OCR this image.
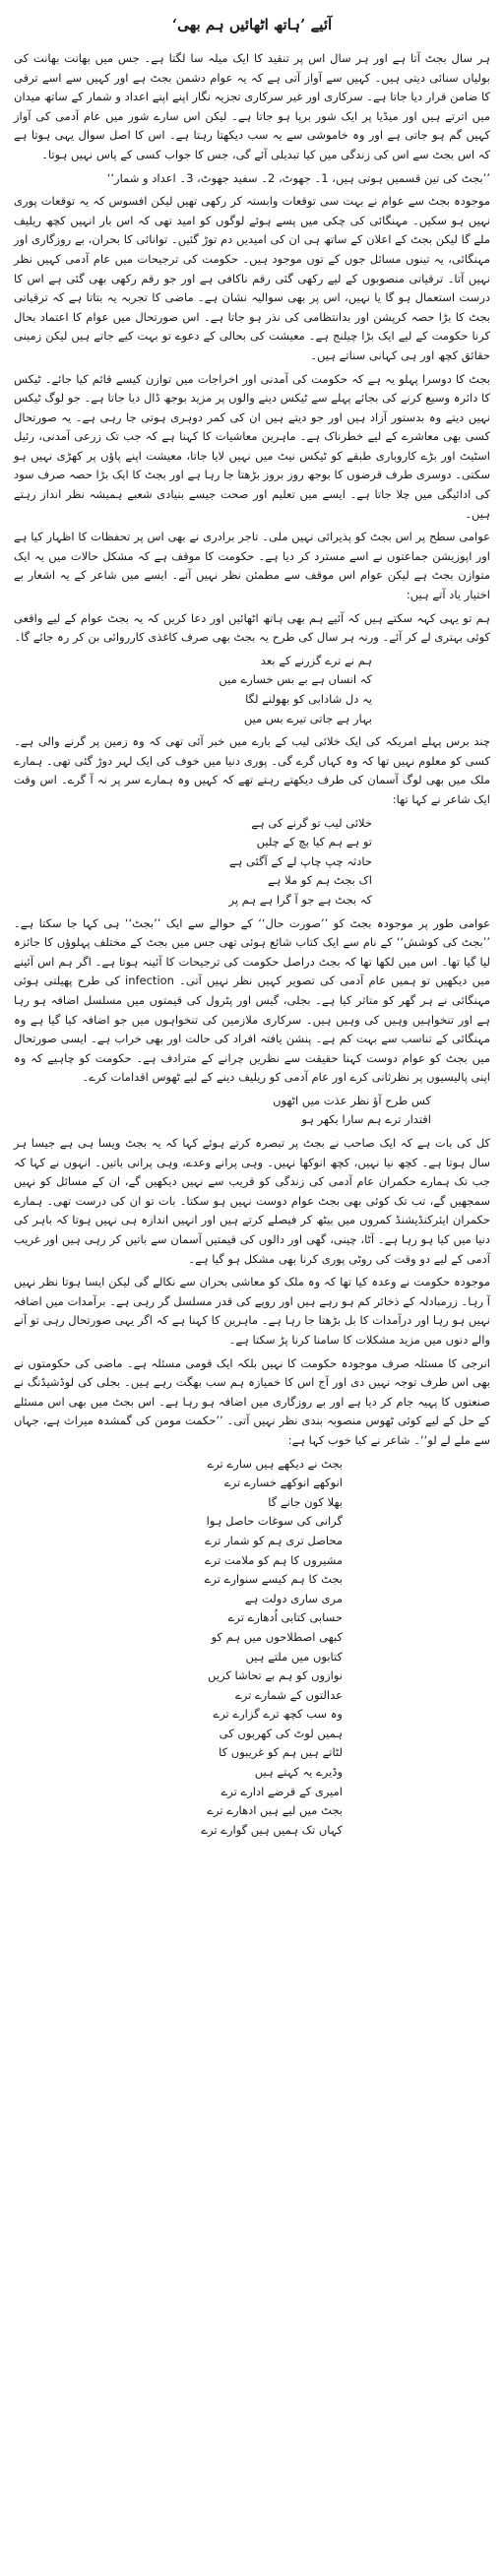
آئیے ’ہاتھ اٹھائیں ہم بھی‘

ہر سال بجٹ آتا ہے اور ہر سال اس پر تنقید کا ایک میلہ سا لگتا ہے۔ جس میں بھانت بھانت کی بولیاں سنائی دیتی ہیں۔ کہیں سے آواز آتی ہے کہ یہ عوام دشمن بجٹ ہے اور کہیں سے اسے ترقی کا ضامن قرار دیا جاتا ہے۔ سرکاری اور غیر سرکاری تجزیہ نگار اپنے اپنے اعداد و شمار کے ساتھ میدان میں اترتے ہیں اور میڈیا پر ایک شور برپا ہو جاتا ہے۔ لیکن اس سارے شور میں عام آدمی کی آواز کہیں گم ہو جاتی ہے اور وہ خاموشی سے یہ سب دیکھتا رہتا ہے۔ اس کا اصل سوال یہی ہوتا ہے کہ اس بجٹ سے اس کی زندگی میں کیا تبدیلی آئے گی، جس کا جواب کسی کے پاس نہیں ہوتا۔

’’بجٹ کی تین قسمیں ہوتی ہیں، 1۔ جھوٹ، 2۔ سفید جھوٹ، 3۔ اعداد و شمار‘‘

موجودہ بجٹ سے عوام نے بہت سی توقعات وابستہ کر رکھی تھیں لیکن افسوس کہ یہ توقعات پوری نہیں ہو سکیں۔ مہنگائی کی چکی میں پسے ہوئے لوگوں کو امید تھی کہ اس بار انہیں کچھ ریلیف ملے گا لیکن بجٹ کے اعلان کے ساتھ ہی ان کی امیدیں دم توڑ گئیں۔ توانائی کا بحران، بے روزگاری اور مہنگائی، یہ تینوں مسائل جوں کے توں موجود ہیں۔ حکومت کی ترجیحات میں عام آدمی کہیں نظر نہیں آتا۔ ترقیاتی منصوبوں کے لیے رکھی گئی رقم ناکافی ہے اور جو رقم رکھی بھی گئی ہے اس کا درست استعمال ہو گا یا نہیں، اس پر بھی سوالیہ نشان ہے۔ ماضی کا تجربہ یہ بتاتا ہے کہ ترقیاتی بجٹ کا بڑا حصہ کرپشن اور بدانتظامی کی نذر ہو جاتا ہے۔ اس صورتحال میں عوام کا اعتماد بحال کرنا حکومت کے لیے ایک بڑا چیلنج ہے۔ معیشت کی بحالی کے دعوے تو بہت کیے جاتے ہیں لیکن زمینی حقائق کچھ اور ہی کہانی سناتے ہیں۔

بجٹ کا دوسرا پہلو یہ ہے کہ حکومت کی آمدنی اور اخراجات میں توازن کیسے قائم کیا جائے۔ ٹیکس کا دائرہ وسیع کرنے کی بجائے پہلے سے ٹیکس دینے والوں پر مزید بوجھ ڈال دیا جاتا ہے۔ جو لوگ ٹیکس نہیں دیتے وہ بدستور آزاد ہیں اور جو دیتے ہیں ان کی کمر دوہری ہوتی جا رہی ہے۔ یہ صورتحال کسی بھی معاشرے کے لیے خطرناک ہے۔ ماہرین معاشیات کا کہنا ہے کہ جب تک زرعی آمدنی، رئیل اسٹیٹ اور بڑے کاروباری طبقے کو ٹیکس نیٹ میں نہیں لایا جاتا، معیشت اپنے پاؤں پر کھڑی نہیں ہو سکتی۔ دوسری طرف قرضوں کا بوجھ روز بروز بڑھتا جا رہا ہے اور بجٹ کا ایک بڑا حصہ صرف سود کی ادائیگی میں چلا جاتا ہے۔ ایسے میں تعلیم اور صحت جیسے بنیادی شعبے ہمیشہ نظر انداز رہتے ہیں۔

عوامی سطح پر اس بجٹ کو پذیرائی نہیں ملی۔ تاجر برادری نے بھی اس پر تحفظات کا اظہار کیا ہے اور اپوزیشن جماعتوں نے اسے مسترد کر دیا ہے۔ حکومت کا موقف ہے کہ مشکل حالات میں یہ ایک متوازن بجٹ ہے لیکن عوام اس موقف سے مطمئن نظر نہیں آتے۔ ایسے میں شاعر کے یہ اشعار بے اختیار یاد آتے ہیں:

ہم تو یہی کہہ سکتے ہیں کہ آئیے ہم بھی ہاتھ اٹھائیں اور دعا کریں کہ یہ بجٹ عوام کے لیے واقعی کوئی بہتری لے کر آئے۔ ورنہ ہر سال کی طرح یہ بجٹ بھی صرف کاغذی کارروائی بن کر رہ جائے گا۔

ہم نے ترے گزرنے کے بعد
کہ انساں ہے بے بس خسارے میں
یہ دل شادابی کو بھولنے لگا
بہار ہے جاتی تیرے بس میں

چند برس پہلے امریکہ کی ایک خلائی لیب کے بارے میں خبر آئی تھی کہ وہ زمین پر گرنے والی ہے۔ کسی کو معلوم نہیں تھا کہ وہ کہاں گرے گی۔ پوری دنیا میں خوف کی ایک لہر دوڑ گئی تھی۔ ہمارے ملک میں بھی لوگ آسمان کی طرف دیکھتے رہتے تھے کہ کہیں وہ ہمارے سر پر نہ آ گرے۔ اس وقت ایک شاعر نے کہا تھا:

خلائی لیب تو گرنے کی ہے
تو ہے ہم کیا بچ کے چلیں
حادثہ چپ چاپ لے کے آگئی ہے
اک بجٹ ہم کو ملا ہے
کہ بجٹ ہے جو آ گرا ہے ہم پر

عوامی طور پر موجودہ بجٹ کو ’’صورت حال‘‘ کے حوالے سے ایک ’’بجٹ‘‘ ہی کہا جا سکتا ہے۔ ’’بجٹ کی کوشش‘‘ کے نام سے ایک کتاب شائع ہوئی تھی جس میں بجٹ کے مختلف پہلوؤں کا جائزہ لیا گیا تھا۔ اس میں لکھا تھا کہ بجٹ دراصل حکومت کی ترجیحات کا آئینہ ہوتا ہے۔ اگر ہم اس آئینے میں دیکھیں تو ہمیں عام آدمی کی تصویر کہیں نظر نہیں آتی۔ infection کی طرح پھیلتی ہوئی مہنگائی نے ہر گھر کو متاثر کیا ہے۔ بجلی، گیس اور پٹرول کی قیمتوں میں مسلسل اضافہ ہو رہا ہے اور تنخواہیں وہیں کی وہیں ہیں۔ سرکاری ملازمین کی تنخواہوں میں جو اضافہ کیا گیا ہے وہ مہنگائی کے تناسب سے بہت کم ہے۔ پنشن یافتہ افراد کی حالت اور بھی خراب ہے۔ ایسی صورتحال میں بجٹ کو عوام دوست کہنا حقیقت سے نظریں چرانے کے مترادف ہے۔ حکومت کو چاہیے کہ وہ اپنی پالیسیوں پر نظرثانی کرے اور عام آدمی کو ریلیف دینے کے لیے ٹھوس اقدامات کرے۔

کس طرح آؤ نظر عذت میں اٹھوں
اقتدار ترے ہم سارا بکھر ہو

کل کی بات ہے کہ ایک صاحب نے بجٹ پر تبصرہ کرتے ہوئے کہا کہ یہ بجٹ ویسا ہی ہے جیسا ہر سال ہوتا ہے۔ کچھ نیا نہیں، کچھ انوکھا نہیں۔ وہی پرانے وعدے، وہی پرانی باتیں۔ انہوں نے کہا کہ جب تک ہمارے حکمران عام آدمی کی زندگی کو قریب سے نہیں دیکھیں گے، ان کے مسائل کو نہیں سمجھیں گے، تب تک کوئی بھی بجٹ عوام دوست نہیں ہو سکتا۔ بات تو ان کی درست تھی۔ ہمارے حکمران ایئرکنڈیشنڈ کمروں میں بیٹھ کر فیصلے کرتے ہیں اور انہیں اندازہ ہی نہیں ہوتا کہ باہر کی دنیا میں کیا ہو رہا ہے۔ آٹا، چینی، گھی اور دالوں کی قیمتیں آسمان سے باتیں کر رہی ہیں اور غریب آدمی کے لیے دو وقت کی روٹی پوری کرنا بھی مشکل ہو گیا ہے۔

موجودہ حکومت نے وعدہ کیا تھا کہ وہ ملک کو معاشی بحران سے نکالے گی لیکن ایسا ہوتا نظر نہیں آ رہا۔ زرمبادلہ کے ذخائر کم ہو رہے ہیں اور روپے کی قدر مسلسل گر رہی ہے۔ برآمدات میں اضافہ نہیں ہو رہا اور درآمدات کا بل بڑھتا جا رہا ہے۔ ماہرین کا کہنا ہے کہ اگر یہی صورتحال رہی تو آنے والے دنوں میں مزید مشکلات کا سامنا کرنا پڑ سکتا ہے۔

انرجی کا مسئلہ صرف موجودہ حکومت کا نہیں بلکہ ایک قومی مسئلہ ہے۔ ماضی کی حکومتوں نے بھی اس طرف توجہ نہیں دی اور آج اس کا خمیازہ ہم سب بھگت رہے ہیں۔ بجلی کی لوڈشیڈنگ نے صنعتوں کا پہیہ جام کر دیا ہے اور بے روزگاری میں اضافہ ہو رہا ہے۔ اس بجٹ میں بھی اس مسئلے کے حل کے لیے کوئی ٹھوس منصوبہ بندی نظر نہیں آتی۔ ’’حکمت مومن کی گمشدہ میراث ہے، جہاں سے ملے لے لو‘‘۔ شاعر نے کیا خوب کہا ہے:

بجٹ نے دیکھے ہیں سارے ترے
انوکھے انوکھے خسارے ترے
بھلا کون جانے گا
گرانی کی سوغات حاصل ہوا
محاصل تری ہم کو شمار ترے
مشیروں کا ہم کو ملامت ترے
بجٹ کا ہم کیسے سنوارے ترے
مری ساری دولت ہے
حسابی کتابی اُدھارے ترے
کبھی اصطلاحوں میں ہم کو
کتابوں میں ملتے ہیں
نوازوں کو ہم بے تحاشا کریں
عدالتوں کے شمارے ترے
وہ سب کچھ ترے گزارے ترے
ہمیں لوٹ کی کھربوں کی
لٹاتے ہیں ہم کو غریبوں کا
وڈیرے یہ کہتے ہیں
امیری کے قرضے ادارے ترے
بجٹ میں لیے ہیں ادھارے ترے
کہاں تک ہمیں ہیں گوارے ترے
